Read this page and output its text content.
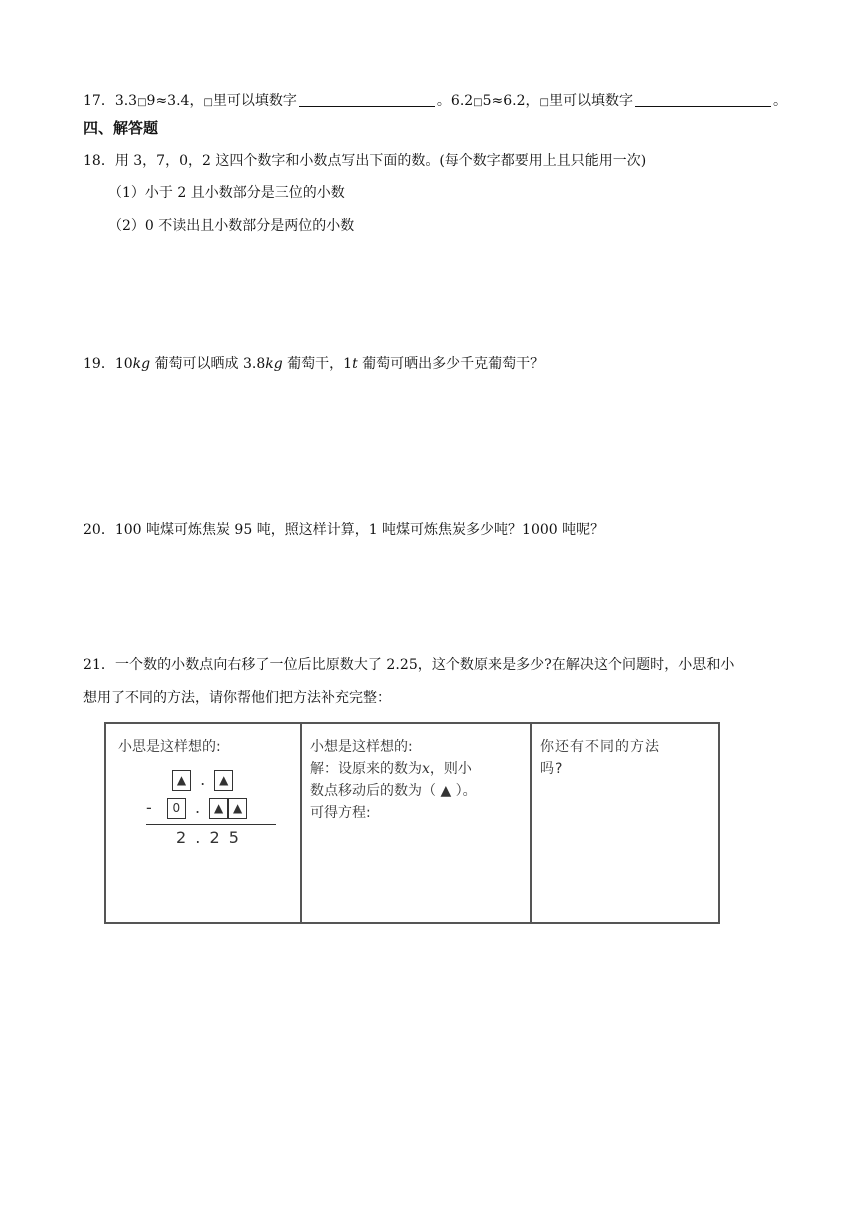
17．3.3□9≈3.4，□里可以填数字	。6.2□5≈6.2，□里可以填数字	。
四、解答题
18．用 3，7，0，2 这四个数字和小数点写出下面的数。(每个数字都要用上且只能用一次)
（1）小于 2 且小数部分是三位的小数
（2）0 不读出且小数部分是两位的小数
19．10kg 葡萄可以晒成 3.8kg 葡萄干，1t 葡萄可晒出多少千克葡萄干？
20．100 吨煤可炼焦炭 95 吨，照这样计算，1 吨煤可炼焦炭多少吨？1000 吨呢？
21．一个数的小数点向右移了一位后比原数大了 2.25，这个数原来是多少?在解决这个问题时，小思和小
想用了不同的方法，请你帮他们把方法补充完整：

小思是这样想的:

▲ . ▲
- 0 . ▲ ▲
2 . 2 5

小想是这样想的:

解：设原来的数为x，则小

数点移动后的数为（ ▲ ）。

可得方程:

你还有不同的方法

吗?
